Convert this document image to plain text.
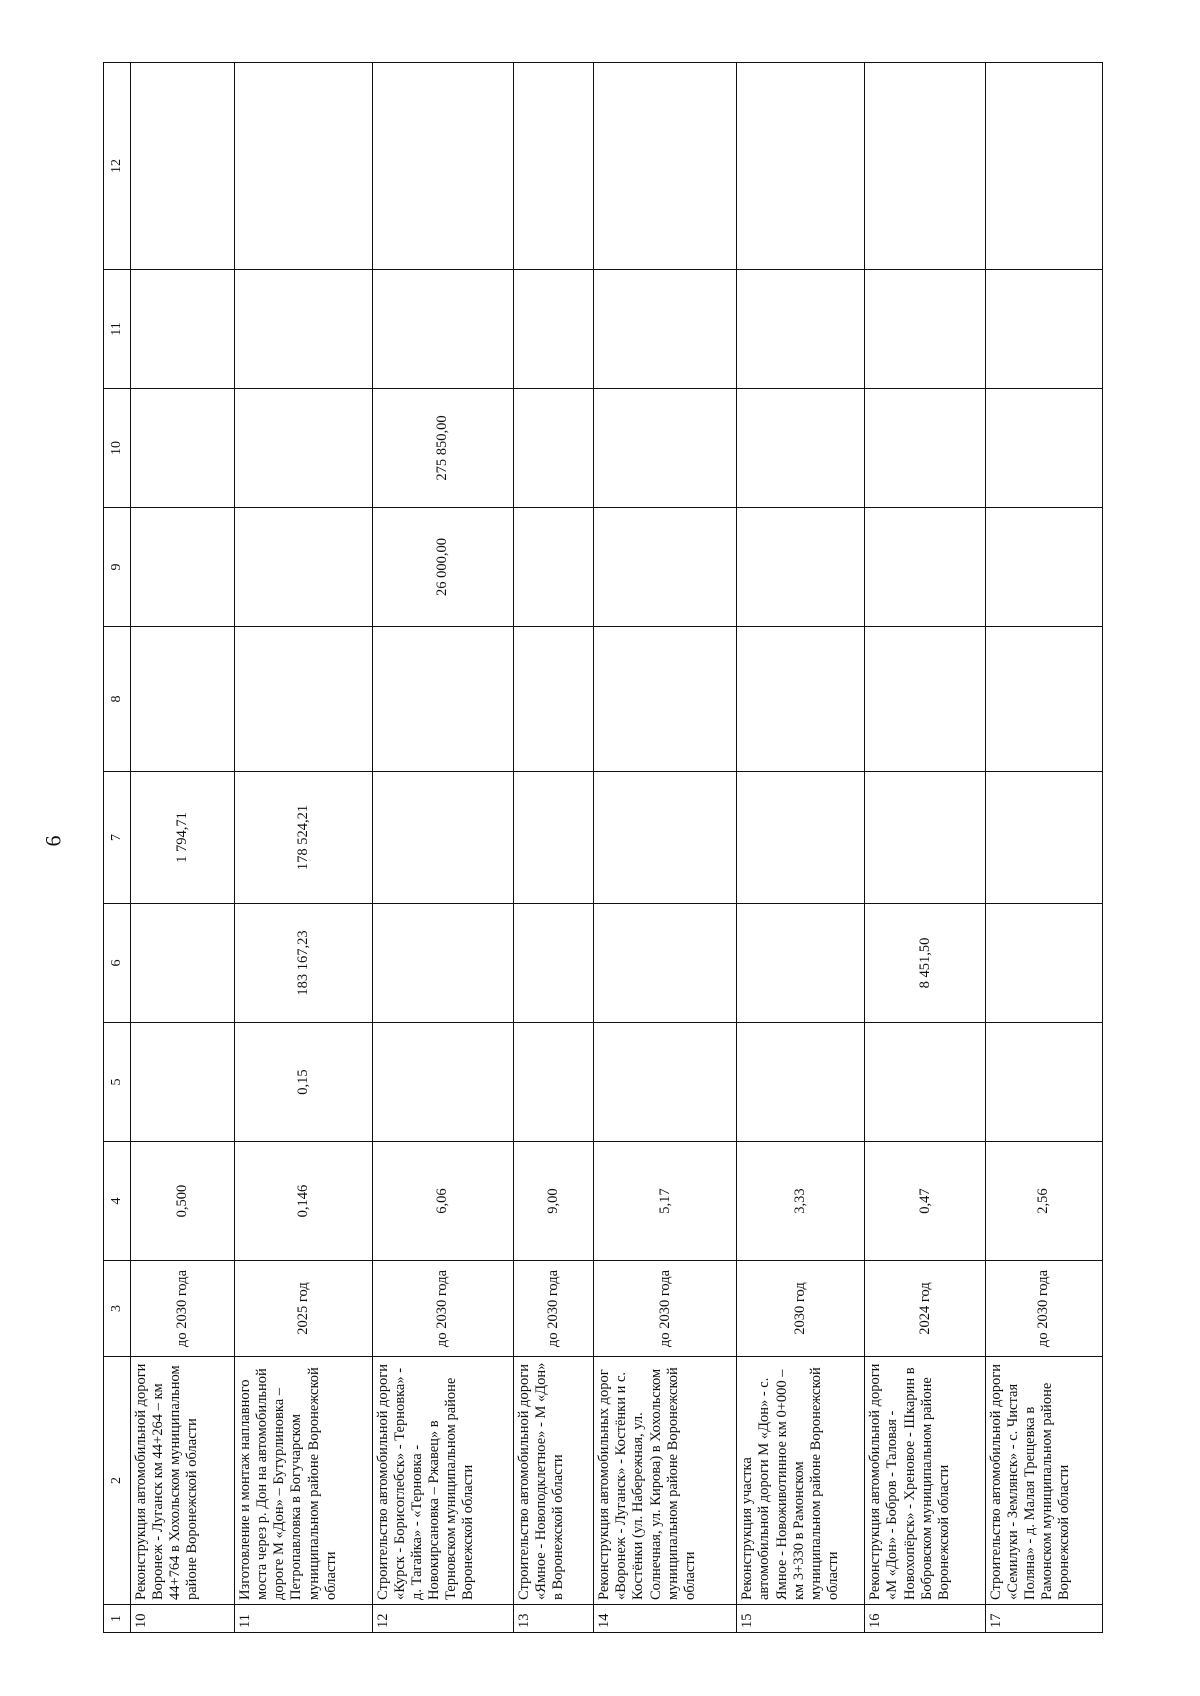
6
1	2	3	4	5	6	7	8	9	10	11	12
10	Реконструкция автомобильной дороги Воронеж - Луганск км 44+264 – км 44+764 в Хохольском муниципальном районе Воронежской области	до 2030 года	0,500			1 794,71					
11	Изготовление и монтаж наплавного моста через р. Дон на автомобильной дороге М «Дон» – Бутурлиновка – Петропавловка в Богучарском муниципальном районе Воронежской области	2025 год	0,146	0,15	183 167,23	178 524,21					
12	Строительство автомобильной дороги «Курск - Борисоглебск» - Терновка» - д. Тагайка» - «Терновка - Новокирсановка – Ржавец» в Терновском муниципальном районе Воронежской области	до 2030 года	6,06					26 000,00	275 850,00		
13	Строительство автомобильной дороги «Ямное - Новоподклетное» - М «Дон» в Воронежской области	до 2030 года	9,00								
14	Реконструкция автомобильных дорог «Воронеж - Луганск» - Костёнки и с. Костёнки (ул. Набережная, ул. Солнечная, ул. Кирова) в Хохольском муниципальном районе Воронежской области	до 2030 года	5,17								
15	Реконструкция участка автомобильной дороги М «Дон» - с. Ямное - Новоживотинное км 0+000 – км 3+330 в Рамонском муниципальном районе Воронежской области	2030 год	3,33								
16	Реконструкция автомобильной дороги «М «Дон» - Бобров - Таловая - Новохопёрск» - Хреновое - Шкарин в Бобровском муниципальном районе Воронежской области	2024 год	0,47		8 451,50						
17	Строительство автомобильной дороги «Семилуки - Землянск» - с. Чистая Поляна» - д. Малая Трещевка в Рамонском муниципальном районе Воронежской области	до 2030 года	2,56								
